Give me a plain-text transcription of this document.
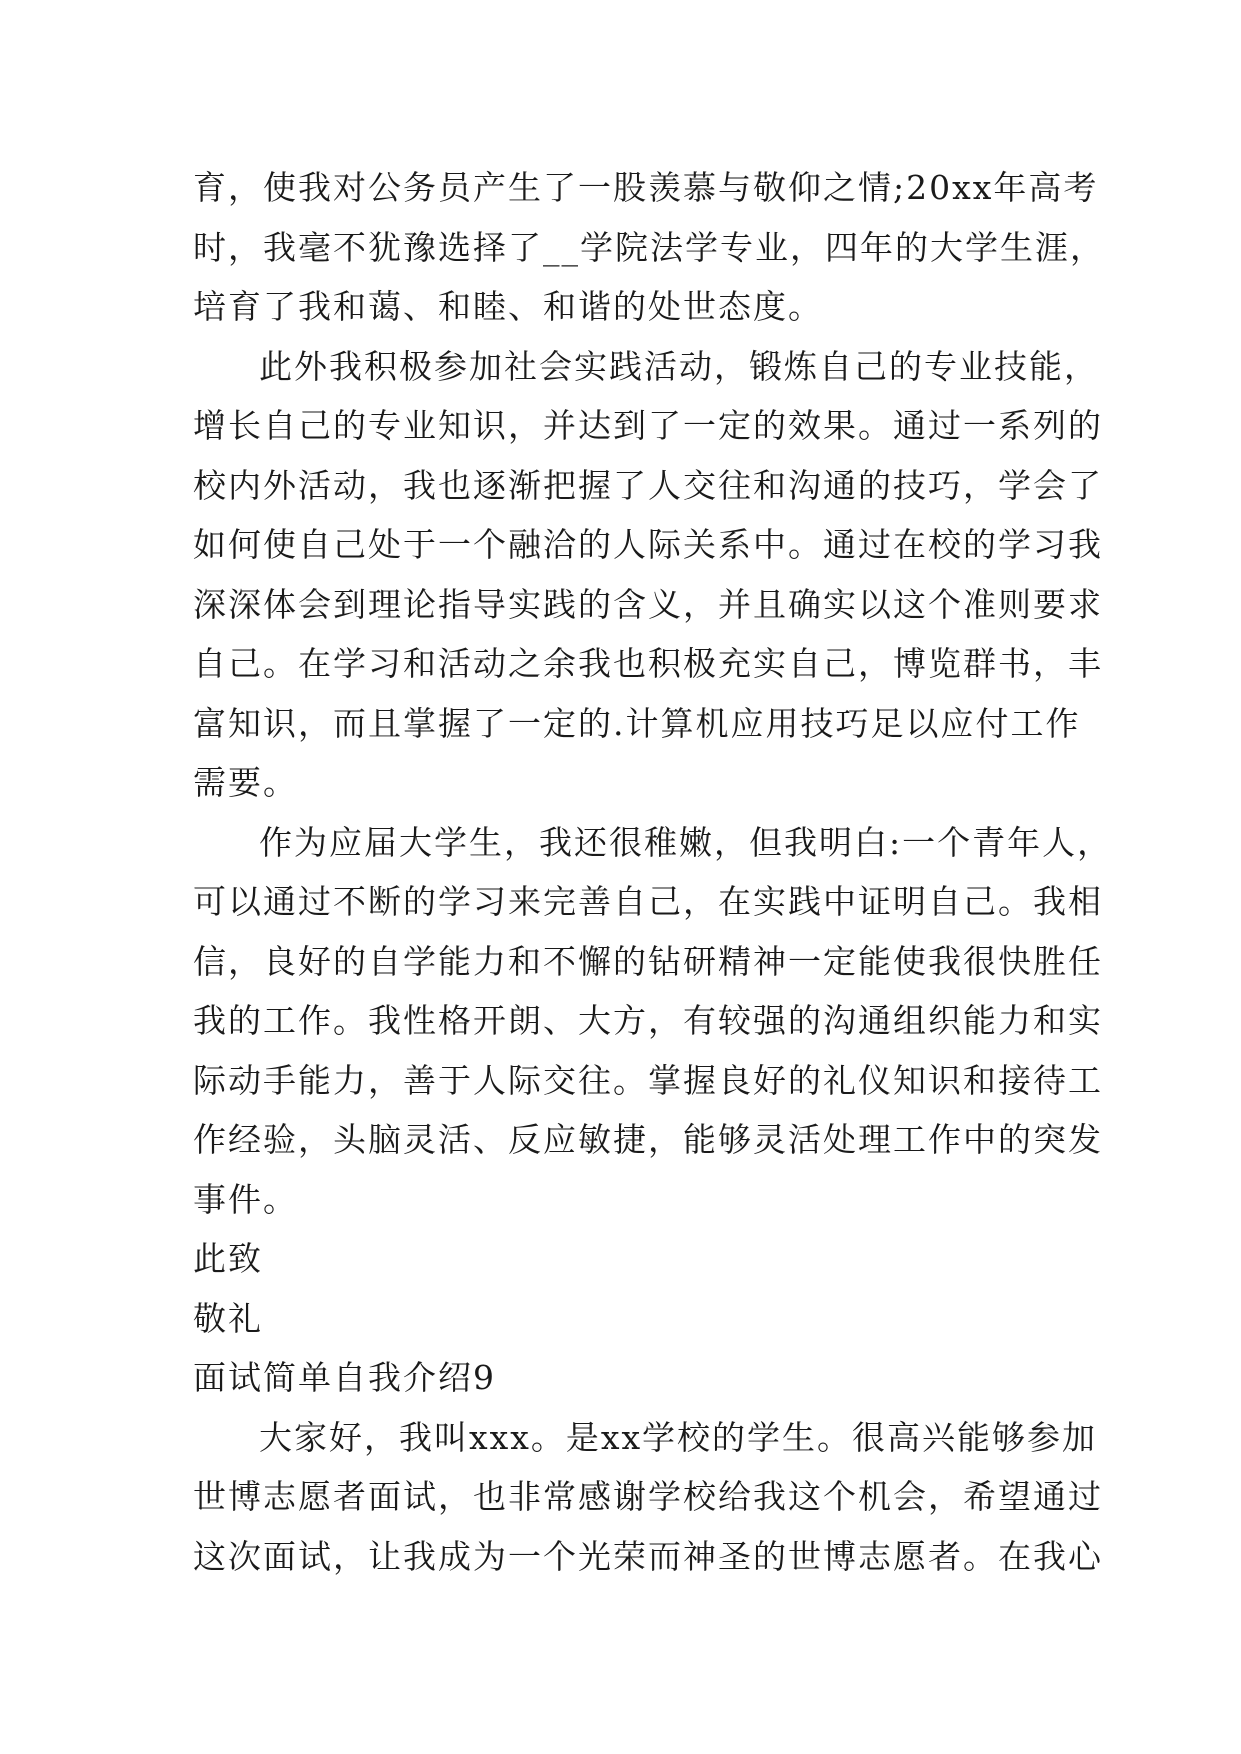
育，使我对公务员产生了一股羡慕与敬仰之情;20xx年高考
时，我毫不犹豫选择了__学院法学专业，四年的大学生涯，
培育了我和蔼、和睦、和谐的处世态度。
此外我积极参加社会实践活动，锻炼自己的专业技能，
增长自己的专业知识，并达到了一定的效果。通过一系列的
校内外活动，我也逐渐把握了人交往和沟通的技巧，学会了
如何使自己处于一个融洽的人际关系中。通过在校的学习我
深深体会到理论指导实践的含义，并且确实以这个准则要求
自己。在学习和活动之余我也积极充实自己，博览群书，丰
富知识，而且掌握了一定的.计算机应用技巧足以应付工作
需要。
作为应届大学生，我还很稚嫩，但我明白:一个青年人，
可以通过不断的学习来完善自己，在实践中证明自己。我相
信，良好的自学能力和不懈的钻研精神一定能使我很快胜任
我的工作。我性格开朗、大方，有较强的沟通组织能力和实
际动手能力，善于人际交往。掌握良好的礼仪知识和接待工
作经验，头脑灵活、反应敏捷，能够灵活处理工作中的突发
事件。
此致
敬礼
面试简单自我介绍9
大家好，我叫xxx。是xx学校的学生。很高兴能够参加
世博志愿者面试，也非常感谢学校给我这个机会，希望通过
这次面试，让我成为一个光荣而神圣的世博志愿者。在我心
